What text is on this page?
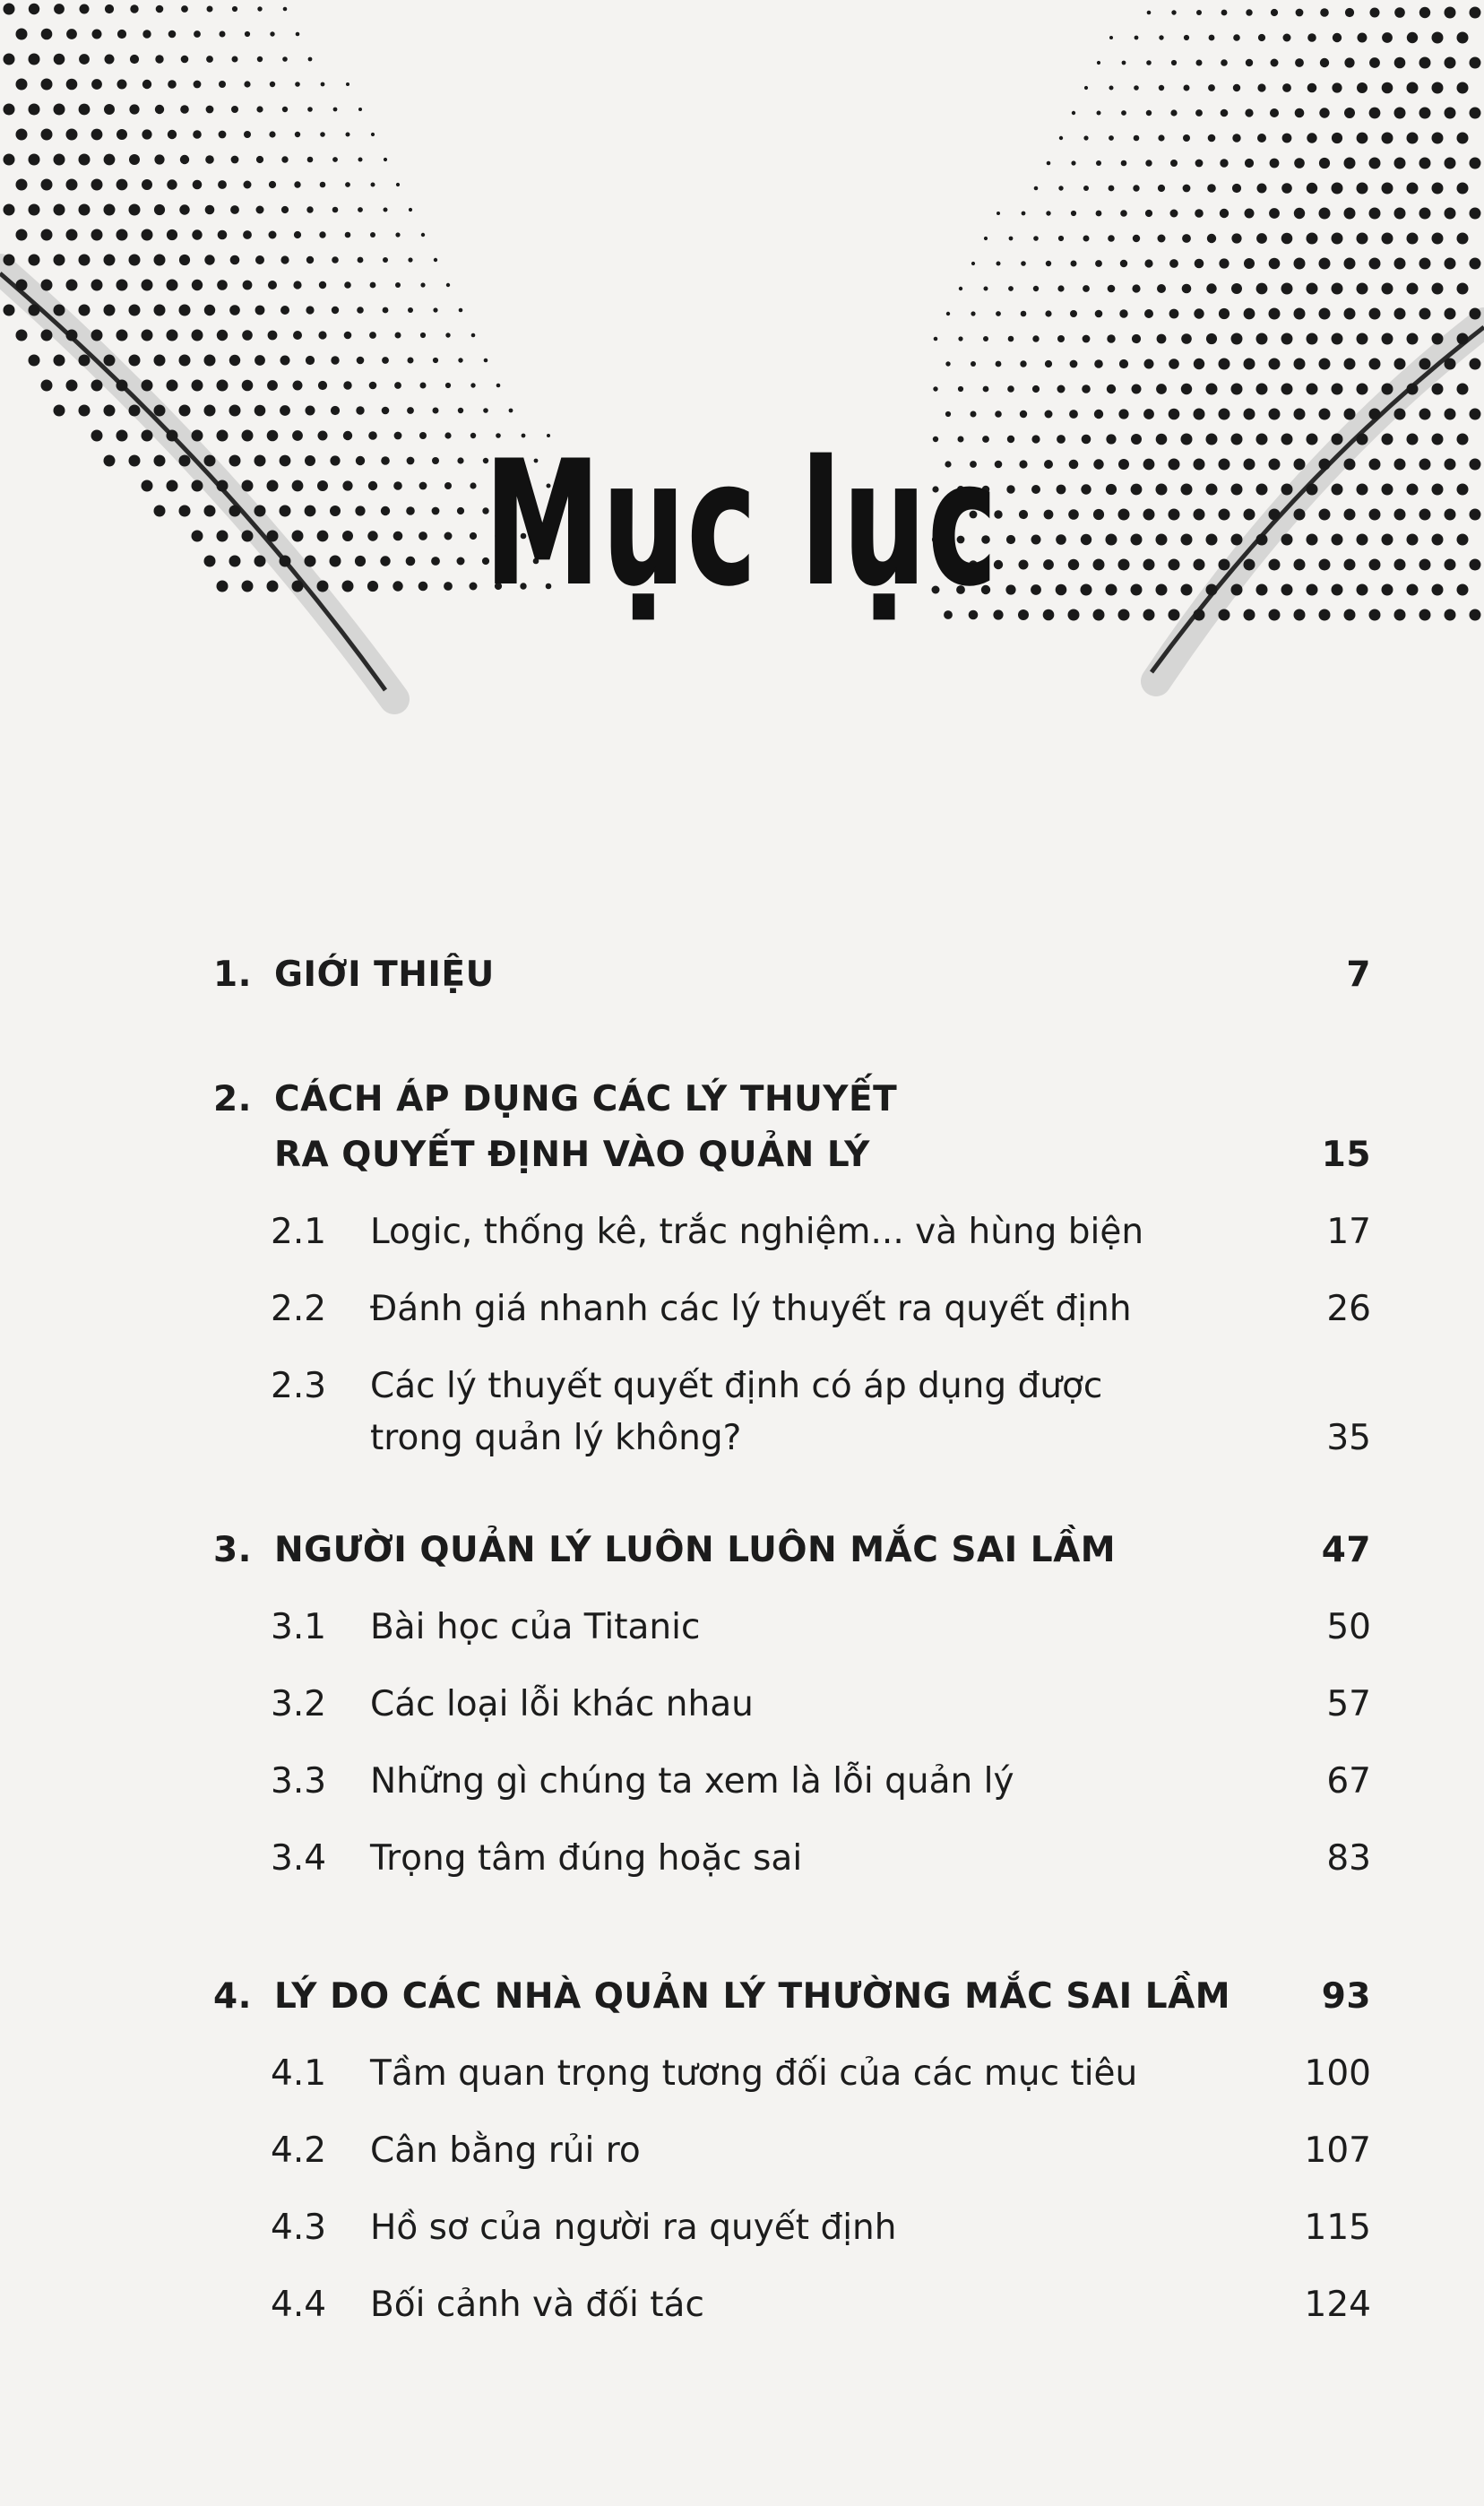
Mục lục
1. GIỚI THIỆU	7
2. CÁCH ÁP DỤNG CÁC LÝ THUYẾT
RA QUYẾT ĐỊNH VÀO QUẢN LÝ	15
2.1 Logic, thống kê, trắc nghiệm... và hùng biện	17
2.2 Đánh giá nhanh các lý thuyết ra quyết định	26
2.3 Các lý thuyết quyết định có áp dụng được
trong quản lý không?	35
3. NGƯỜI QUẢN LÝ LUÔN LUÔN MẮC SAI LẦM	47
3.1 Bài học của Titanic	50
3.2 Các loại lỗi khác nhau	57
3.3 Những gì chúng ta xem là lỗi quản lý	67
3.4 Trọng tâm đúng hoặc sai	83
4. LÝ DO CÁC NHÀ QUẢN LÝ THƯỜNG MẮC SAI LẦM	93
4.1 Tầm quan trọng tương đối của các mục tiêu	100
4.2 Cân bằng rủi ro	107
4.3 Hồ sơ của người ra quyết định	115
4.4 Bối cảnh và đối tác	124
